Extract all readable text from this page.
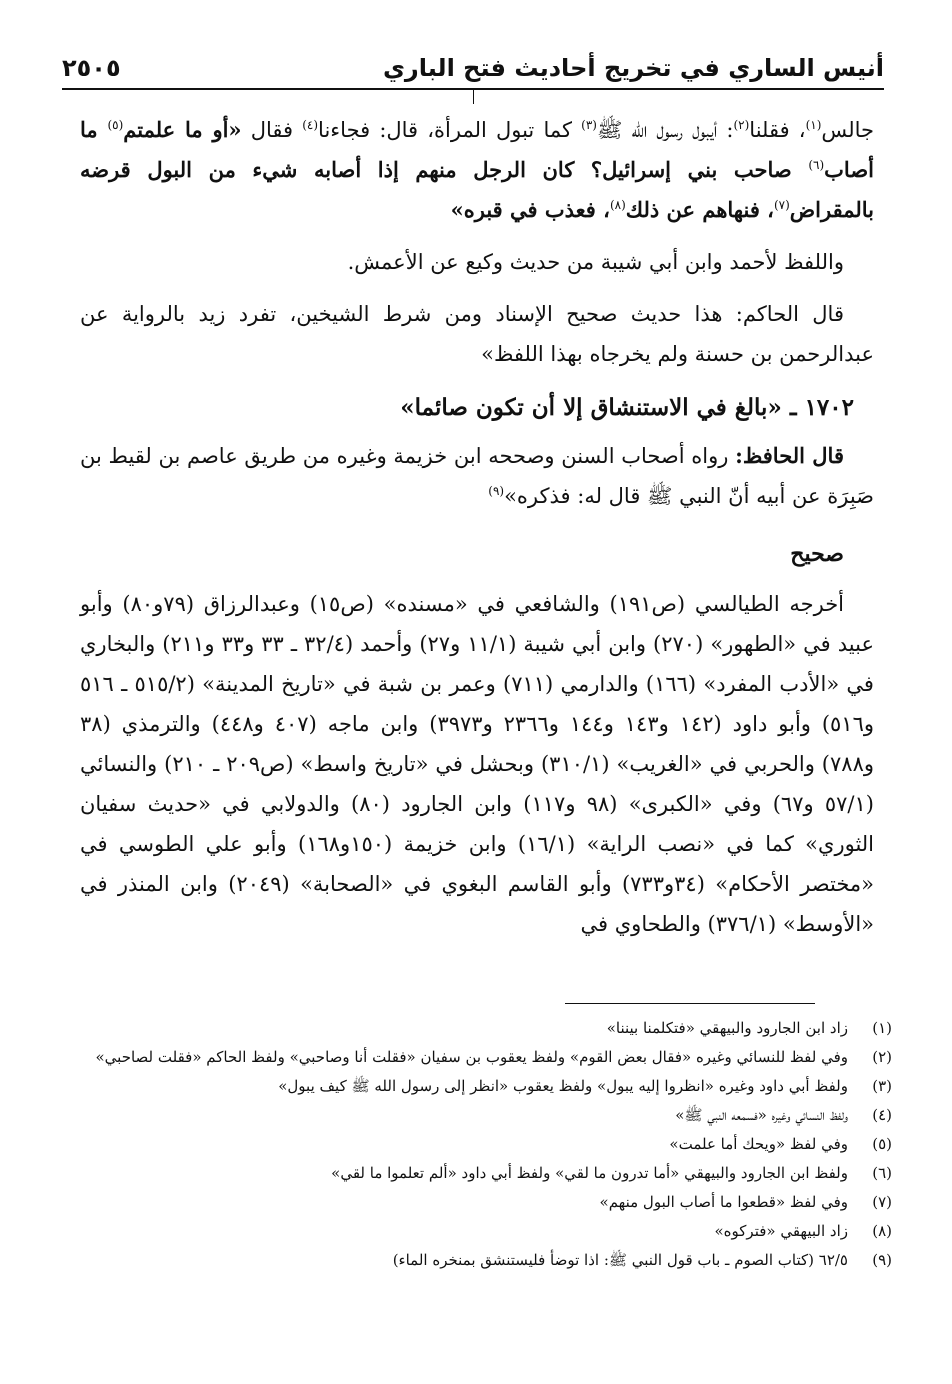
أنيس الساري في تخريج أحاديث فتح الباري
٢٥٠٥

جالس$^{(١)}$، فقلنا$^{(٢)}$: أيبول رسول الله ﷺ$^{(٣)}$ كما تبول المرأة، قال: فجاءنا$^{(٤)}$ فقال «أو ما علمتم$^{(٥)}$ ما أصاب$^{(٦)}$ صاحب بني إسرائيل؟ كان الرجل منهم إذا أصابه شيء من البول قرضه بالمقراض$^{(٧)}$، فنهاهم عن ذلك$^{(٨)}$، فعذب في قبره»

واللفظ لأحمد وابن أبي شيبة من حديث وكيع عن الأعمش.

قال الحاكم: هذا حديث صحيح الإسناد ومن شرط الشيخين، تفرد زيد بالرواية عن عبدالرحمن بن حسنة ولم يخرجاه بهذا اللفظ»

١٧٠٢ ـ «بالغ في الاستنشاق إلا أن تكون صائما»

قال الحافظ: رواه أصحاب السنن وصححه ابن خزيمة وغيره من طريق عاصم بن لقيط بن صَبِرَة عن أبيه أنّ النبي ﷺ قال له: فذكره»$^{(٩)}$

صحيح

أخرجه الطيالسي (ص١٩١) والشافعي في «مسنده» (ص١٥) وعبدالرزاق (٧٩و٨٠) وأبو عبيد في «الطهور» (٢٧٠) وابن أبي شيبة (١١/١ و٢٧) وأحمد (٣٢/٤ ـ ٣٣ و٣٣ و٢١١) والبخاري في «الأدب المفرد» (١٦٦) والدارمي (٧١١) وعمر بن شبة في «تاريخ المدينة» (٥١٥/٢ ـ ٥١٦ و٥١٦) وأبو داود (١٤٢ و١٤٣ و١٤٤ و٢٣٦٦ و٣٩٧٣) وابن ماجه (٤٠٧ و٤٤٨) والترمذي (٣٨ و٧٨٨) والحربي في «الغريب» (٣١٠/١) وبحشل في «تاريخ واسط» (ص٢٠٩ ـ ٢١٠) والنسائي (٥٧/١ و٦٧) وفي «الكبرى» (٩٨ و١١٧) وابن الجارود (٨٠) والدولابي في «حديث سفيان الثوري» كما في «نصب الراية» (١٦/١) وابن خزيمة (١٥٠و١٦٨) وأبو علي الطوسي في «مختصر الأحكام» (٣٤و٧٣٣) وأبو القاسم البغوي في «الصحابة» (٢٠٤٩) وابن المنذر في «الأوسط» (٣٧٦/١) والطحاوي في

(١)
زاد ابن الجارود والبيهقي «فتكلمنا بيننا»
(٢)
وفي لفظ للنسائي وغيره «فقال بعض القوم» ولفظ يعقوب بن سفيان «فقلت أنا وصاحبي» ولفظ الحاكم «فقلت لصاحبي»
(٣)
ولفظ أبي داود وغيره «انظروا إليه يبول» ولفظ يعقوب «انظر إلى رسول الله ﷺ كيف يبول»
(٤)
ولفظ النسائي وغيره «فسمعه النبي ﷺ»
(٥)
وفي لفظ «ويحك أما علمت»
(٦)
ولفظ ابن الجارود والبيهقي «أما تدرون ما لقي» ولفظ أبي داود «ألم تعلموا ما لقي»
(٧)
وفي لفظ «قطعوا ما أصاب البول منهم»
(٨)
زاد البيهقي «فتركوه»
(٩)
٦٢/٥ (كتاب الصوم ـ باب قول النبي ﷺ: اذا توضأ فليستنشق بمنخره الماء)
